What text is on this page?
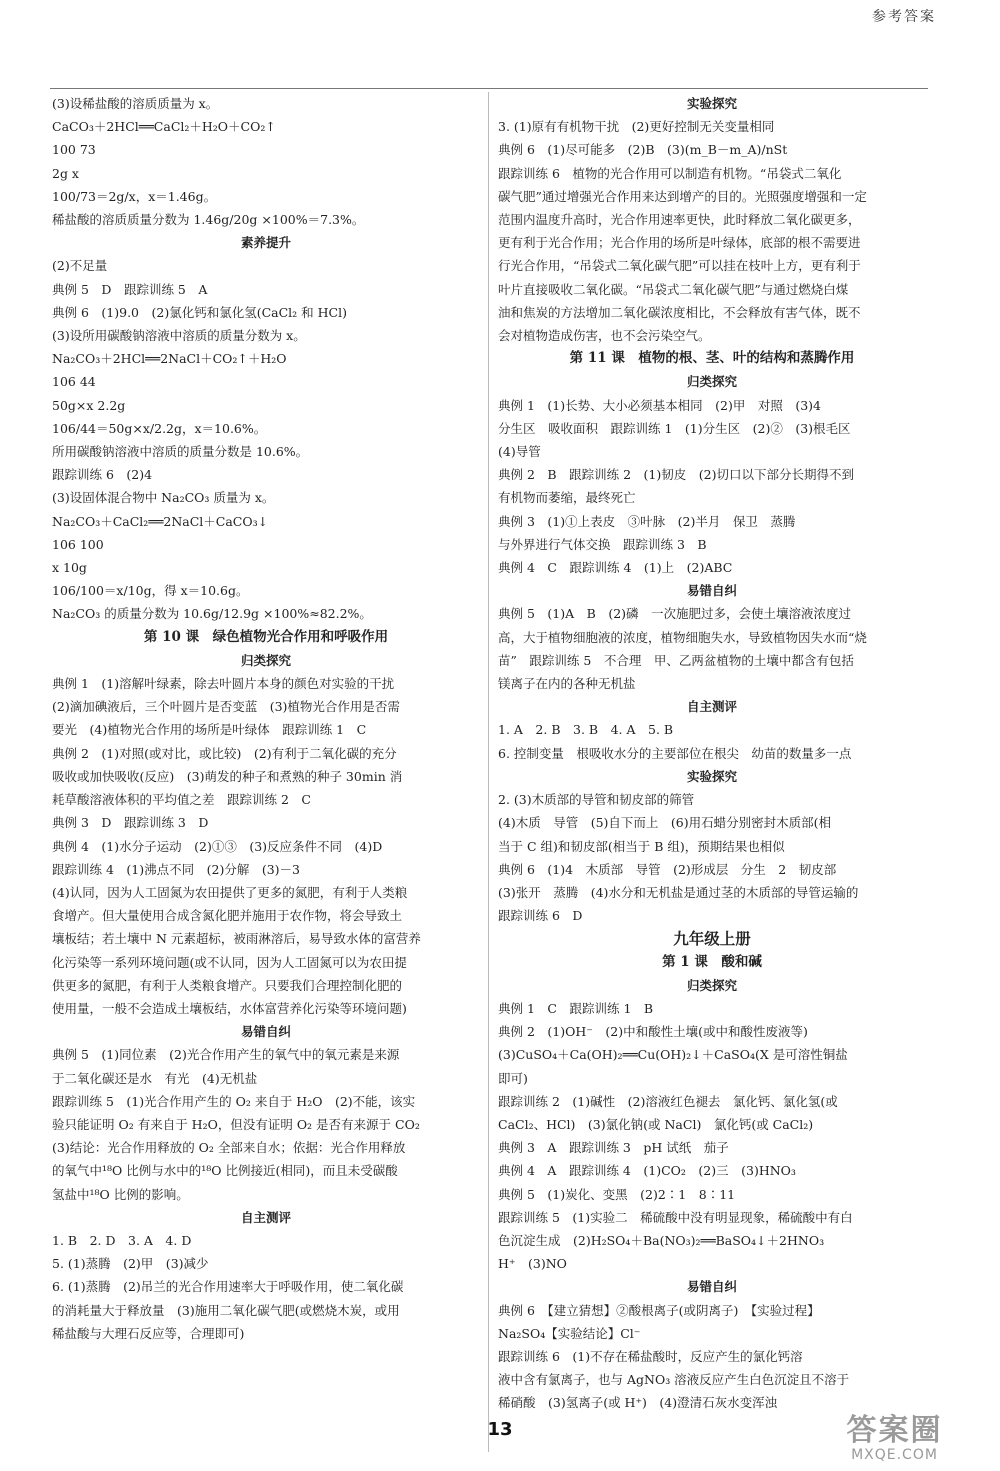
参考答案
(3)设稀盐酸的溶质质量为 x。
CaCO₃＋2HCl══CaCl₂＋H₂O＋CO₂↑
100 73
2g x
100/73＝2g/x，x＝1.46g。
稀盐酸的溶质质量分数为 1.46g/20g ×100%＝7.3%。
素养提升
(2)不足量
典例 5　D　跟踪训练 5　A
典例 6　(1)9.0　(2)氯化钙和氯化氢(CaCl₂ 和 HCl)
(3)设所用碳酸钠溶液中溶质的质量分数为 x。
Na₂CO₃＋2HCl══2NaCl＋CO₂↑＋H₂O
106 44
50g×x 2.2g
106/44＝50g×x/2.2g，x＝10.6%。
所用碳酸钠溶液中溶质的质量分数是 10.6%。
跟踪训练 6　(2)4
(3)设固体混合物中 Na₂CO₃ 质量为 x。
Na₂CO₃＋CaCl₂══2NaCl＋CaCO₃↓
106 100
x 10g
106/100＝x/10g，得 x＝10.6g。
Na₂CO₃ 的质量分数为 10.6g/12.9g ×100%≈82.2%。
第 10 课　绿色植物光合作用和呼吸作用
归类探究
典例 1　(1)溶解叶绿素，除去叶圆片本身的颜色对实验的干扰
(2)滴加碘液后，三个叶圆片是否变蓝　(3)植物光合作用是否需
要光　(4)植物光合作用的场所是叶绿体　跟踪训练 1　C
典例 2　(1)对照(或对比，或比较)　(2)有利于二氧化碳的充分
吸收或加快吸收(反应)　(3)萌发的种子和煮熟的种子 30min 消
耗草酸溶液体积的平均值之差　跟踪训练 2　C
典例 3　D　跟踪训练 3　D
典例 4　(1)水分子运动　(2)①③　(3)反应条件不同　(4)D
跟踪训练 4　(1)沸点不同　(2)分解　(3)－3
(4)认同，因为人工固氮为农田提供了更多的氮肥，有利于人类粮
食增产。但大量使用合成含氮化肥并施用于农作物，将会导致土
壤板结；若土壤中 N 元素超标，被雨淋溶后，易导致水体的富营养
化污染等一系列环境问题(或不认同，因为人工固氮可以为农田提
供更多的氮肥，有利于人类粮食增产。只要我们合理控制化肥的
使用量，一般不会造成土壤板结，水体富营养化污染等环境问题)
易错自纠
典例 5　(1)同位素　(2)光合作用产生的氧气中的氧元素是来源
于二氧化碳还是水　有光　(4)无机盐
跟踪训练 5　(1)光合作用产生的 O₂ 来自于 H₂O　(2)不能，该实
验只能证明 O₂ 有来自于 H₂O，但没有证明 O₂ 是否有来源于 CO₂
(3)结论：光合作用释放的 O₂ 全部来自水；依据：光合作用释放
的氧气中¹⁸O 比例与水中的¹⁸O 比例接近(相同)，而且未受碳酸
氢盐中¹⁸O 比例的影响。
自主测评
1. B　2. D　3. A　4. D
5. (1)蒸腾　(2)甲　(3)减少
6. (1)蒸腾　(2)吊兰的光合作用速率大于呼吸作用，使二氧化碳
的消耗量大于释放量　(3)施用二氧化碳气肥(或燃烧木炭，或用
稀盐酸与大理石反应等，合理即可)
实验探究
3. (1)原有有机物干扰　(2)更好控制无关变量相同
典例 6　(1)尽可能多　(2)B　(3)(m_B－m_A)/nSt
跟踪训练 6　植物的光合作用可以制造有机物。“吊袋式二氧化
碳气肥”通过增强光合作用来达到增产的目的。光照强度增强和一定
范围内温度升高时，光合作用速率更快，此时释放二氧化碳更多，
更有利于光合作用；光合作用的场所是叶绿体，底部的根不需要进
行光合作用，“吊袋式二氧化碳气肥”可以挂在枝叶上方，更有利于
叶片直接吸收二氧化碳。“吊袋式二氧化碳气肥”与通过燃烧白煤
油和焦炭的方法增加二氧化碳浓度相比，不会释放有害气体，既不
会对植物造成伤害，也不会污染空气。
第 11 课　植物的根、茎、叶的结构和蒸腾作用
归类探究
典例 1　(1)长势、大小必须基本相同　(2)甲　对照　(3)4
分生区　吸收面积　跟踪训练 1　(1)分生区　(2)②　(3)根毛区
(4)导管
典例 2　B　跟踪训练 2　(1)韧皮　(2)切口以下部分长期得不到
有机物而萎缩，最终死亡
典例 3　(1)①上表皮　③叶脉　(2)半月　保卫　蒸腾
与外界进行气体交换　跟踪训练 3　B
典例 4　C　跟踪训练 4　(1)上　(2)ABC
易错自纠
典例 5　(1)A　B　(2)磷　一次施肥过多，会使土壤溶液浓度过
高，大于植物细胞液的浓度，植物细胞失水，导致植物因失水而“烧
苗”　跟踪训练 5　不合理　甲、乙两盆植物的土壤中都含有包括
镁离子在内的各种无机盐
自主测评
1. A　2. B　3. B　4. A　5. B
6. 控制变量　根吸收水分的主要部位在根尖　幼苗的数量多一点
实验探究
2. (3)木质部的导管和韧皮部的筛管
(4)木质　导管　(5)自下而上　(6)用石蜡分别密封木质部(相
当于 C 组)和韧皮部(相当于 B 组)，预期结果也相似
典例 6　(1)4　木质部　导管　(2)形成层　分生　2　韧皮部
(3)张开　蒸腾　(4)水分和无机盐是通过茎的木质部的导管运输的
跟踪训练 6　D
九年级上册
第 1 课　酸和碱
归类探究
典例 1　C　跟踪训练 1　B
典例 2　(1)OH⁻　(2)中和酸性土壤(或中和酸性废液等)
(3)CuSO₄＋Ca(OH)₂══Cu(OH)₂↓＋CaSO₄(X 是可溶性铜盐
即可)
跟踪训练 2　(1)碱性　(2)溶液红色褪去　氯化钙、氯化氢(或
CaCl₂、HCl)　(3)氯化钠(或 NaCl)　氯化钙(或 CaCl₂)
典例 3　A　跟踪训练 3　pH 试纸　茄子
典例 4　A　跟踪训练 4　(1)CO₂　(2)三　(3)HNO₃
典例 5　(1)炭化、变黑　(2)2∶1　8∶11
跟踪训练 5　(1)实验二　稀硫酸中没有明显现象，稀硫酸中有白
色沉淀生成　(2)H₂SO₄＋Ba(NO₃)₂══BaSO₄↓＋2HNO₃
H⁺　(3)NO
易错自纠
典例 6　【建立猜想】②酸根离子(或阴离子)　【实验过程】
Na₂SO₄【实验结论】Cl⁻
跟踪训练 6　(1)不存在稀盐酸时，反应产生的氯化钙溶
液中含有氯离子，也与 AgNO₃ 溶液反应产生白色沉淀且不溶于
稀硝酸　(3)氢离子(或 H⁺)　(4)澄清石灰水变浑浊
13	答案圈
MXQE.COM
